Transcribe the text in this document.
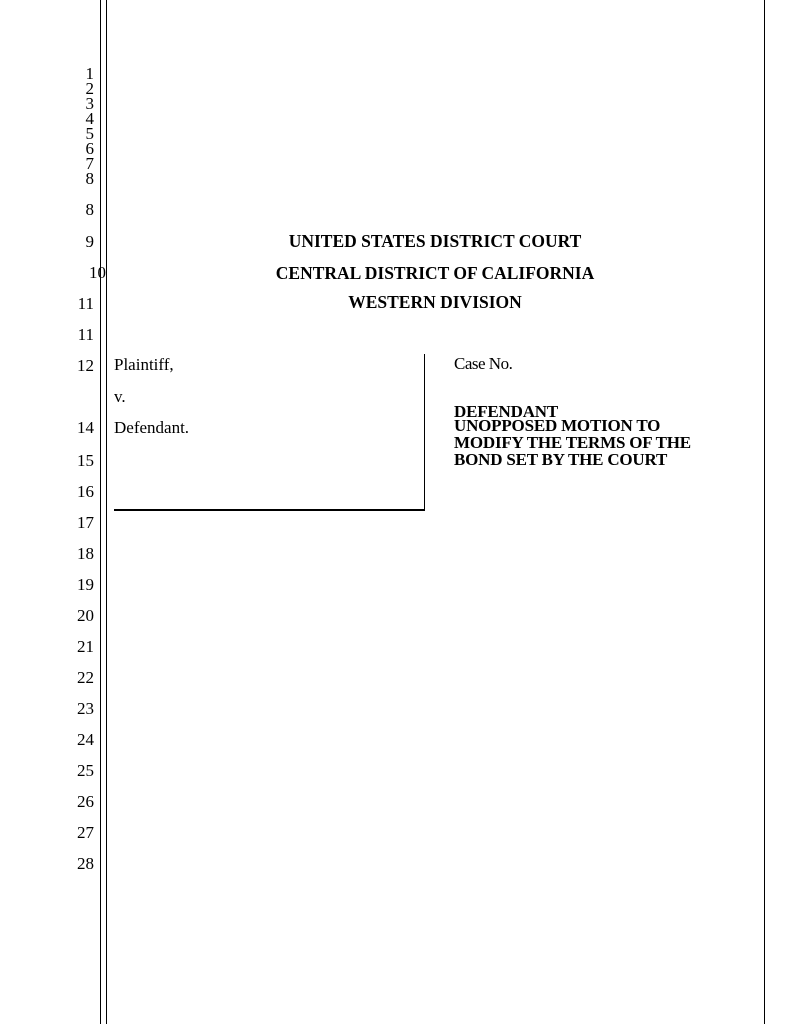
1
2
3
4
5
6
7
8
8
9
10
11
11
12
14
15
16
17
18
19
20
21
22
23
24
25
26
27
28
UNITED STATES DISTRICT COURT
CENTRAL DISTRICT OF CALIFORNIA
WESTERN DIVISION
Plaintiff,
v.
Defendant.
Case No.
DEFENDANT
UNOPPOSED MOTION TO
MODIFY THE TERMS OF THE
BOND SET BY THE COURT
